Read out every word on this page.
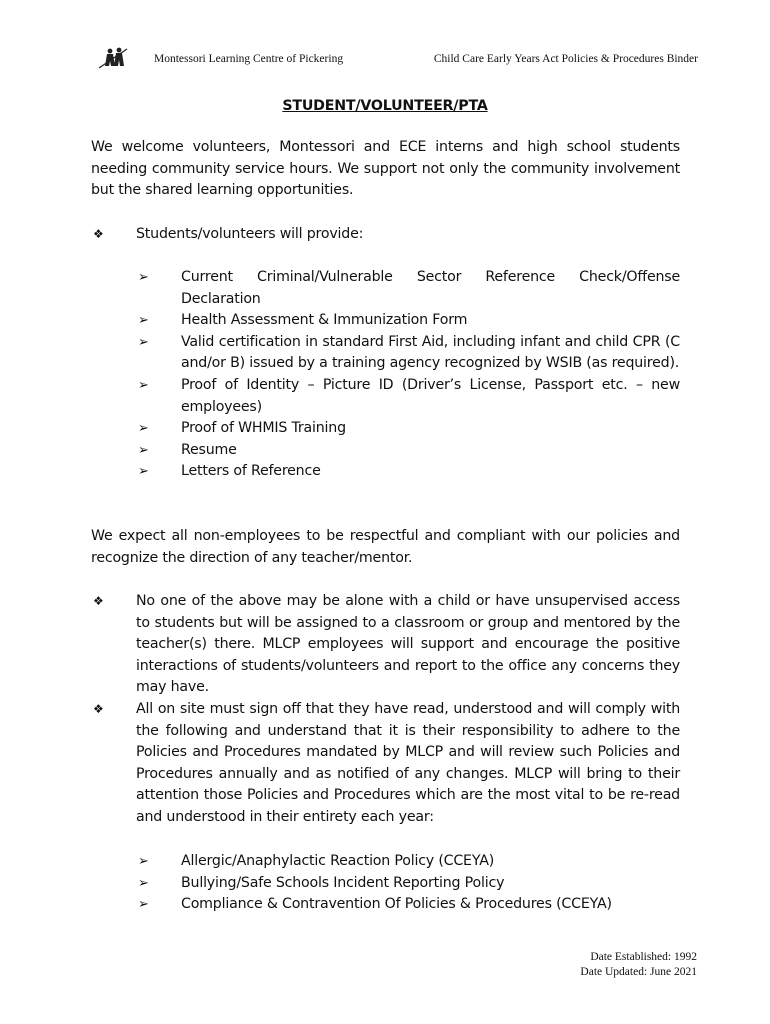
Montessori Learning Centre of Pickering	Child Care Early Years Act Policies & Procedures Binder
STUDENT/VOLUNTEER/PTA

We welcome volunteers, Montessori and ECE interns and high school students needing community service hours. We support not only the community involvement but the shared learning opportunities.

❖ Students/volunteers will provide:
➢ Current Criminal/Vulnerable Sector Reference Check/Offense Declaration
➢ Health Assessment & Immunization Form
➢ Valid certification in standard First Aid, including infant and child CPR (C and/or B) issued by a training agency recognized by WSIB (as required).
➢ Proof of Identity – Picture ID (Driver’s License, Passport etc. – new employees)
➢ Proof of WHMIS Training
➢ Resume
➢ Letters of Reference

We expect all non-employees to be respectful and compliant with our policies and recognize the direction of any teacher/mentor.

❖ No one of the above may be alone with a child or have unsupervised access to students but will be assigned to a classroom or group and mentored by the teacher(s) there. MLCP employees will support and encourage the positive interactions of students/volunteers and report to the office any concerns they may have.
❖ All on site must sign off that they have read, understood and will comply with the following and understand that it is their responsibility to adhere to the Policies and Procedures mandated by MLCP and will review such Policies and Procedures annually and as notified of any changes. MLCP will bring to their attention those Policies and Procedures which are the most vital to be re-read and understood in their entirety each year:
➢ Allergic/Anaphylactic Reaction Policy (CCEYA)
➢ Bullying/Safe Schools Incident Reporting Policy
➢ Compliance & Contravention Of Policies & Procedures (CCEYA)
Date Established: 1992
Date Updated: June 2021
